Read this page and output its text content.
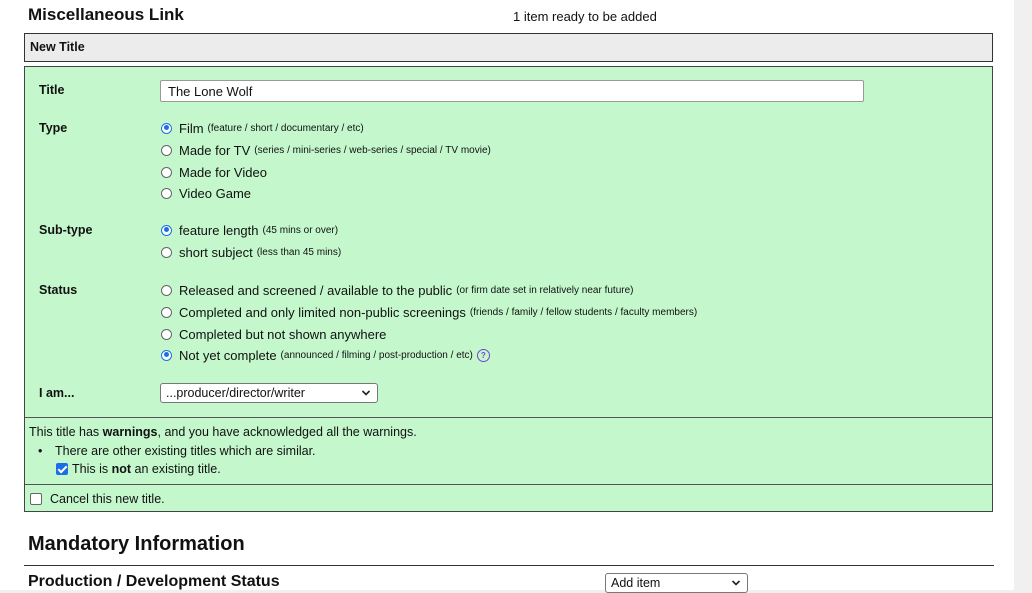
Miscellaneous Link	1 item ready to be added
New Title
Title
The Lone Wolf
Type	Film (feature / short / documentary / etc)
Made for TV (series / mini-series / web-series / special / TV movie)
Made for Video
Video Game
Sub-type	feature length (45 mins or over)
short subject (less than 45 mins)
Status	Released and screened / available to the public (or firm date set in relatively near future)
Completed and only limited non-public screenings (friends / family / fellow students / faculty members)
Completed but not shown anywhere
Not yet complete (announced / filming / post-production / etc)	?
I am...	...producer/director/writer
This title has warnings, and you have acknowledged all the warnings.
• There are other existing titles which are similar.
This is not an existing title.
Cancel this new title.
Mandatory Information
Production / Development Status	Add item
